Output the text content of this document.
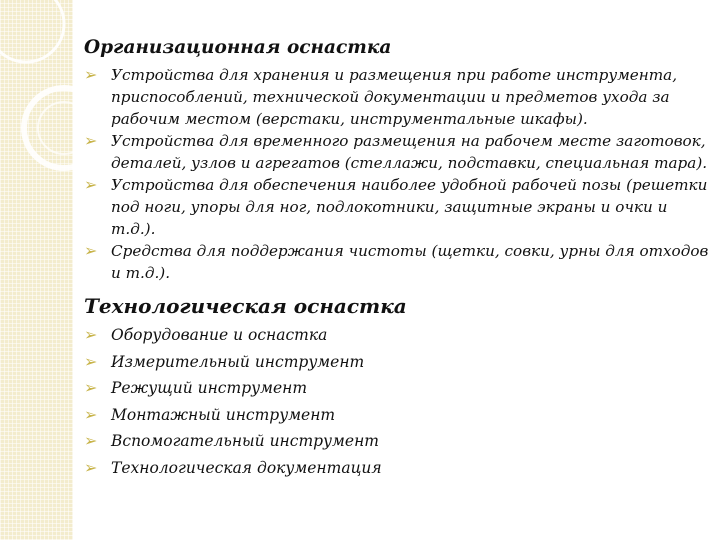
Организационная оснастка
➢ Устройства для хранения и размещения при работе инструмента, приспособлений, технической документации и предметов ухода за рабочим местом (верстаки, инструментальные шкафы).
➢ Устройства для временного размещения на рабочем месте заготовок, деталей, узлов и агрегатов (стеллажи, подставки, специальная тара).
➢ Устройства для обеспечения наиболее удобной рабочей позы (решетки под ноги, упоры для ног, подлокотники, защитные экраны и очки и т.д.).
➢ Средства для поддержания чистоты (щетки, совки, урны для отходов и т.д.).
Технологическая оснастка
➢ Оборудование и оснастка
➢ Измерительный инструмент
➢ Режущий инструмент
➢ Монтажный инструмент
➢ Вспомогательный инструмент
➢ Технологическая документация
